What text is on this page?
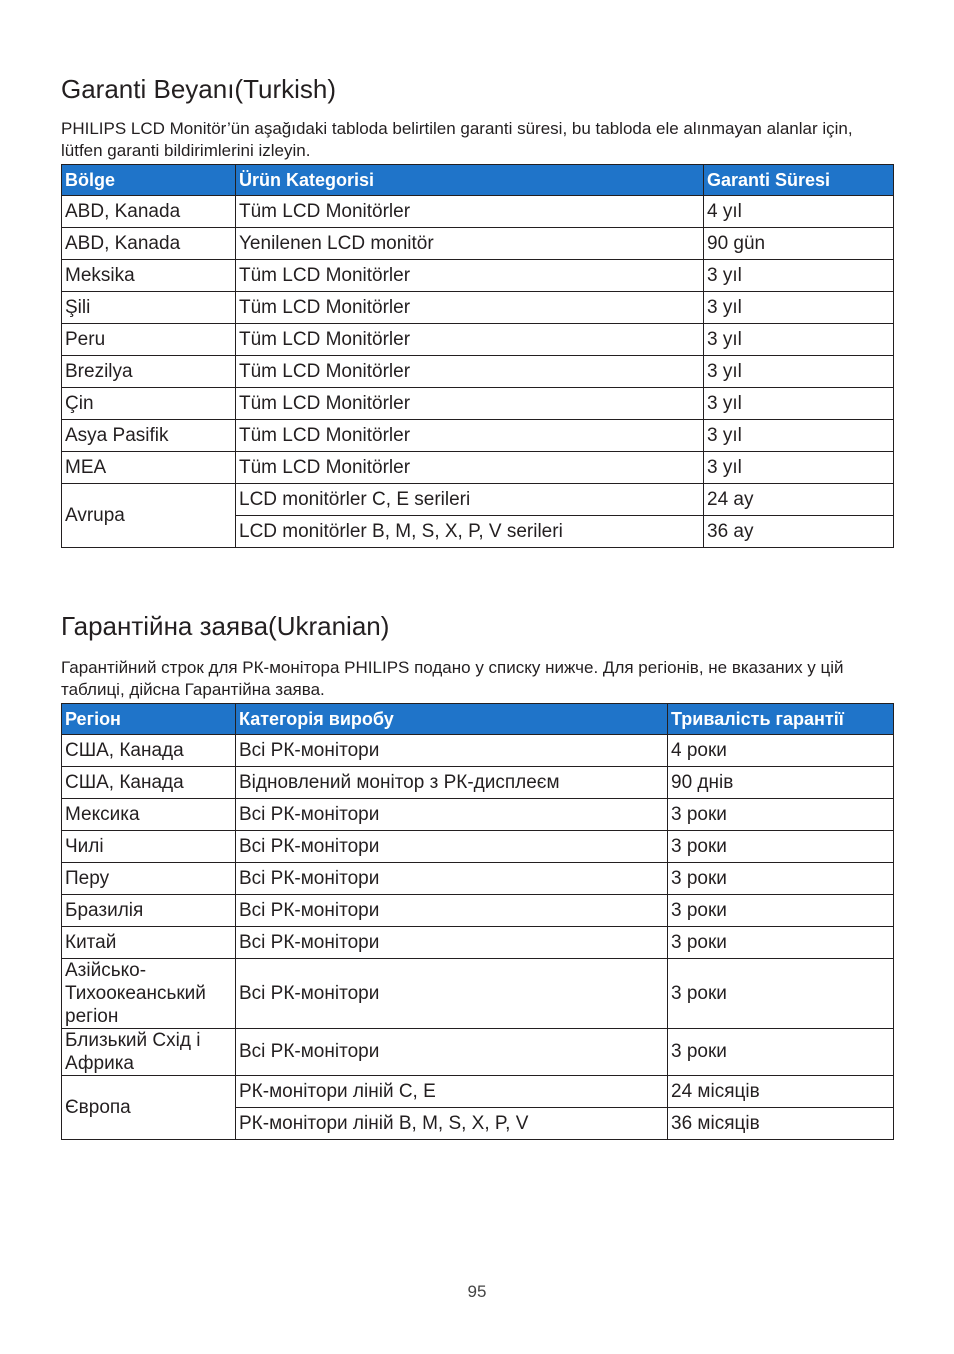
Garanti Beyanı(Turkish)

PHILIPS LCD Monitör’ün aşağıdaki tabloda belirtilen garanti süresi, bu tabloda ele alınmayan alanlar için, lütfen garanti bildirimlerini izleyin.

Bölge	Ürün Kategorisi	Garanti Süresi
ABD, Kanada	Tüm LCD Monitörler	4 yıl
ABD, Kanada	Yenilenen LCD monitör	90 gün
Meksika	Tüm LCD Monitörler	3 yıl
Şili	Tüm LCD Monitörler	3 yıl
Peru	Tüm LCD Monitörler	3 yıl
Brezilya	Tüm LCD Monitörler	3 yıl
Çin	Tüm LCD Monitörler	3 yıl
Asya Pasifik	Tüm LCD Monitörler	3 yıl
MEA	Tüm LCD Monitörler	3 yıl
Avrupa	LCD monitörler C, E serileri	24 ay
	LCD monitörler B, M, S, X, P, V serileri	36 ay
Гарантійна заява(Ukranian)

Гарантійний строк для РК-монітора PHILIPS подано у списку нижче. Для регіонів, не вказаних у цій таблиці, дійсна Гарантійна заява.

Регіон	Категорія виробу	Тривалість гарантії
США, Канада	Всі РК-монітори	4 роки
США, Канада	Відновлений монітор з РК-дисплеєм	90 днів
Мексика	Всі РК-монітори	3 роки
Чилі	Всі РК-монітори	3 роки
Перу	Всі РК-монітори	3 роки
Бразилія	Всі РК-монітори	3 роки
Китай	Всі РК-монітори	3 роки
Азійсько-Тихоокеанський регіон	Всі РК-монітори	3 роки
Близький Схід і Африка	Всі РК-монітори	3 роки
Європа	РК-монітори ліній C, E	24 місяців
	РК-монітори ліній B, M, S, X, P, V	36 місяців
95
